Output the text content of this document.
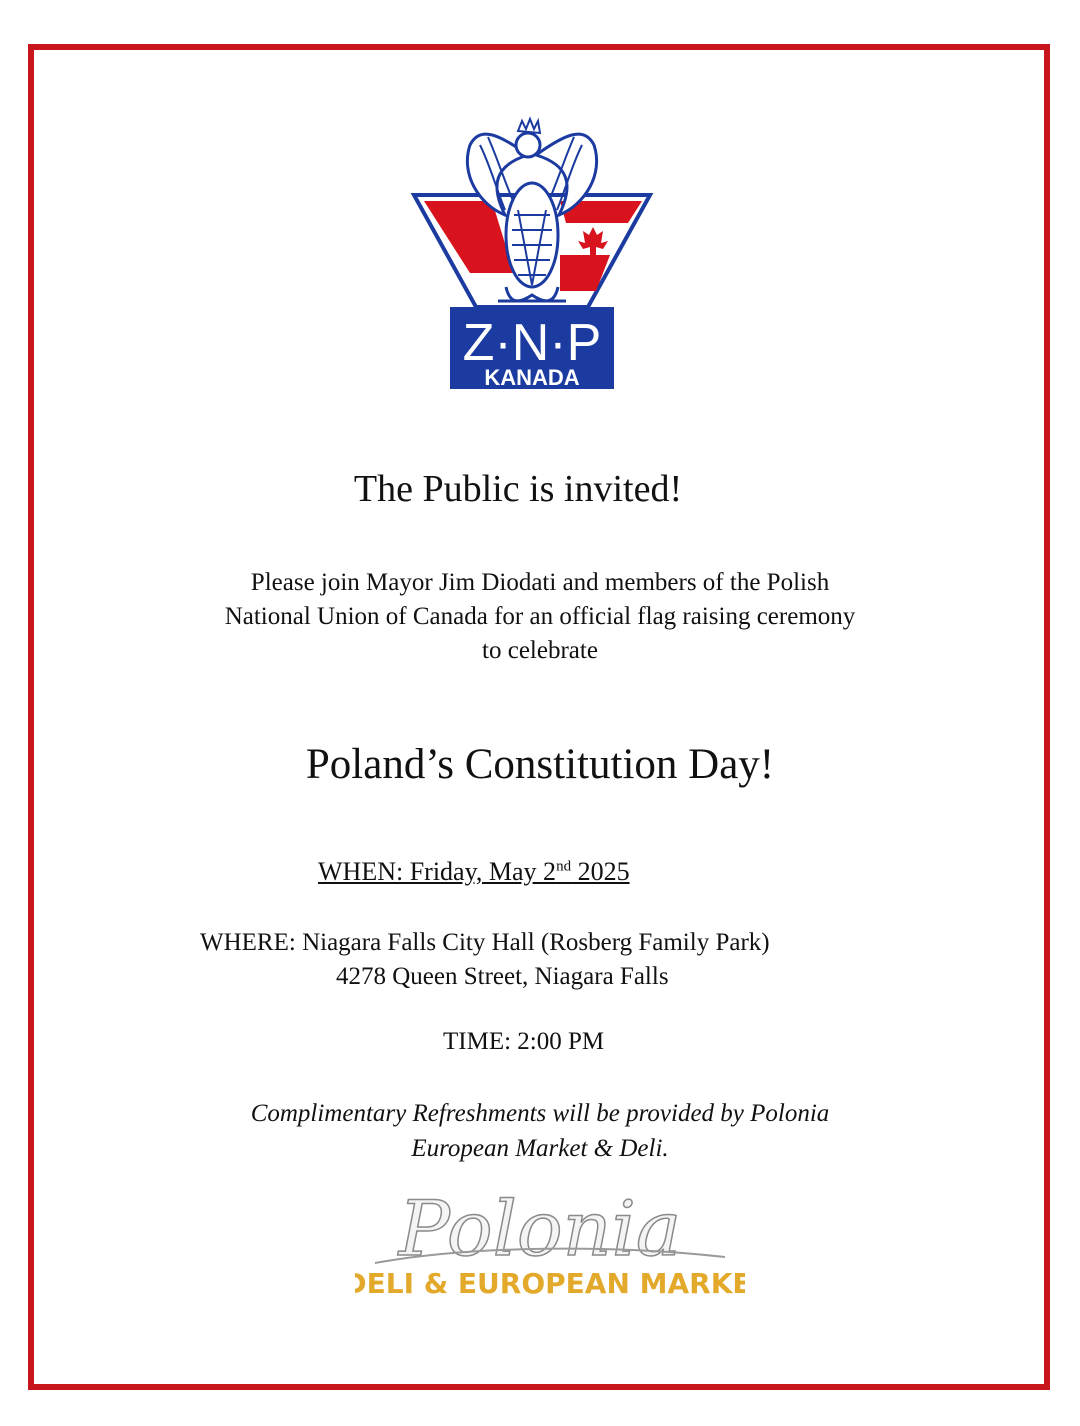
Z·N·P
KANADA
The Public is invited!
Please join Mayor Jim Diodati and members of the Polish
National Union of Canada for an official flag raising ceremony
to celebrate
Poland’s Constitution Day!
WHEN: Friday, May 2nd 2025
WHERE: Niagara Falls City Hall (Rosberg Family Park)
4278 Queen Street, Niagara Falls
TIME: 2:00 PM
Complimentary Refreshments will be provided by Polonia
European Market & Deli.
Polonia
DELI & EUROPEAN MARKET
